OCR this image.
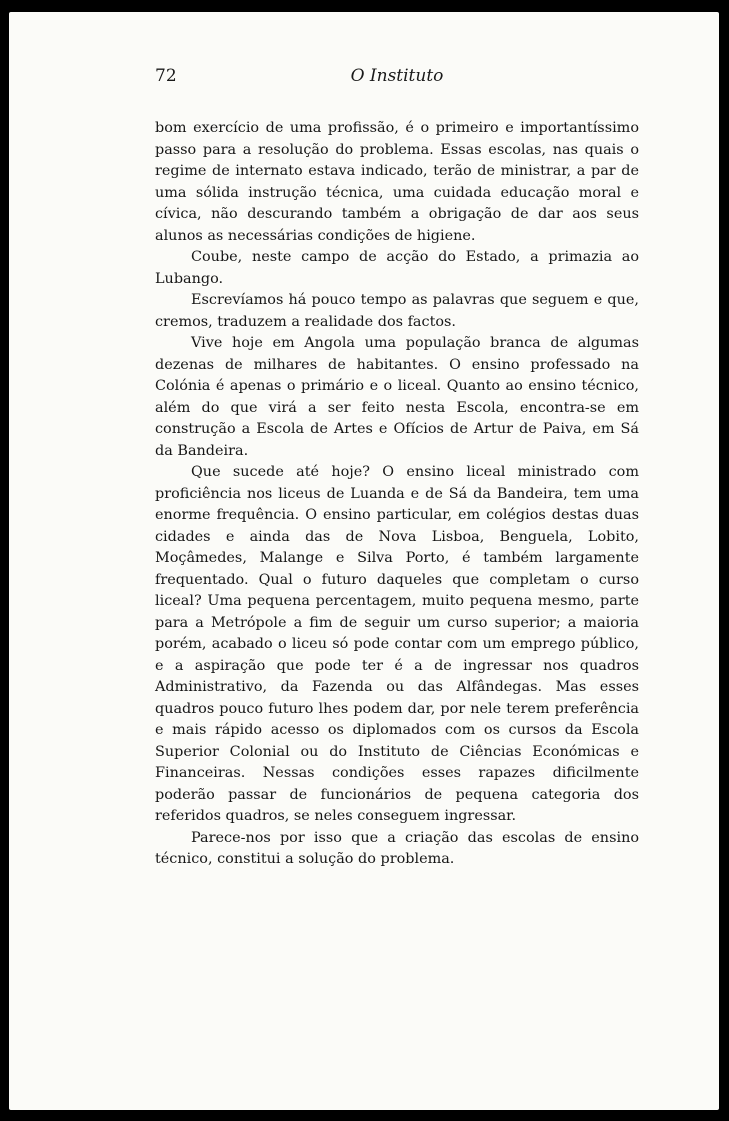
72	O Instituto

bom exercício de uma profissão, é o primeiro e importantíssimo passo para a resolução do problema. Essas escolas, nas quais o regime de internato estava indicado, terão de ministrar, a par de uma sólida instrução técnica, uma cuidada educação moral e cívica, não descurando também a obrigação de dar aos seus alunos as necessárias condições de higiene.

Coube, neste campo de acção do Estado, a primazia ao Lubango.

Escrevíamos há pouco tempo as palavras que seguem e que, cremos, traduzem a realidade dos factos.

Vive hoje em Angola uma população branca de algumas dezenas de milhares de habitantes. O ensino professado na Colónia é apenas o primário e o liceal. Quanto ao ensino técnico, além do que virá a ser feito nesta Escola, encontra-se em construção a Escola de Artes e Ofícios de Artur de Paiva, em Sá da Bandeira.

Que sucede até hoje? O ensino liceal ministrado com proficiência nos liceus de Luanda e de Sá da Bandeira, tem uma enorme frequência. O ensino particular, em colégios destas duas cidades e ainda das de Nova Lisboa, Benguela, Lobito, Moçâmedes, Malange e Silva Porto, é também largamente frequentado. Qual o futuro daqueles que completam o curso liceal? Uma pequena percentagem, muito pequena mesmo, parte para a Metrópole a fim de seguir um curso superior; a maioria porém, acabado o liceu só pode contar com um emprego público, e a aspiração que pode ter é a de ingressar nos quadros Administrativo, da Fazenda ou das Alfândegas. Mas esses quadros pouco futuro lhes podem dar, por nele terem preferência e mais rápido acesso os diplomados com os cursos da Escola Superior Colonial ou do Instituto de Ciências Económicas e Financeiras. Nessas condições esses rapazes dificilmente poderão passar de funcionários de pequena categoria dos referidos quadros, se neles conseguem ingressar.

Parece-nos por isso que a criação das escolas de ensino técnico, constitui a solução do problema.
